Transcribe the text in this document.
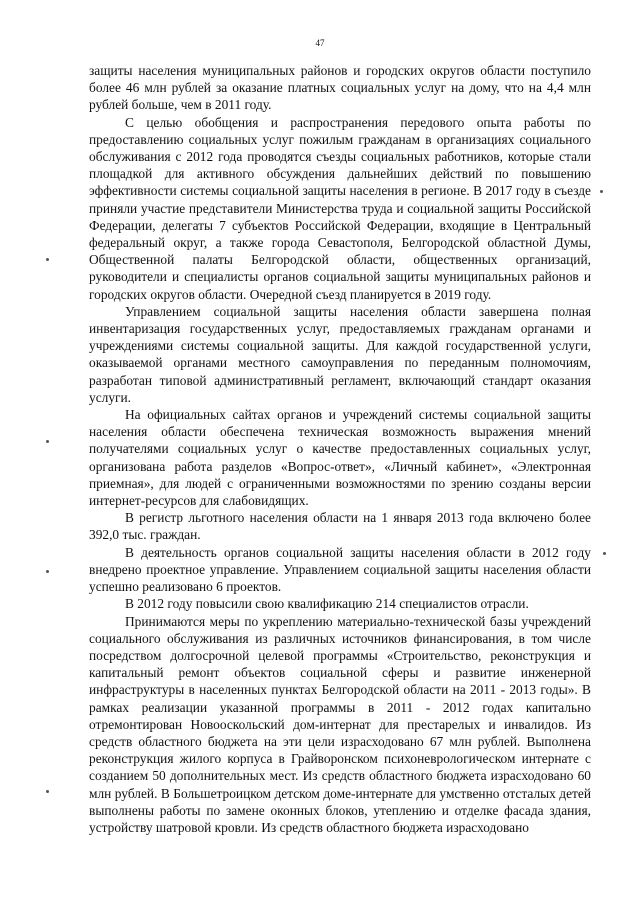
47

защиты населения муниципальных районов и городских округов области поступило более 46 млн рублей за оказание платных социальных услуг на дому, что на 4,4 млн рублей больше, чем в 2011 году.

С целью обобщения и распространения передового опыта работы по предоставлению социальных услуг пожилым гражданам в организациях социального обслуживания с 2012 года проводятся съезды социальных работников, которые стали площадкой для активного обсуждения дальнейших действий по повышению эффективности системы социальной защиты населения в регионе. В 2017 году в съезде приняли участие представители Министерства труда и социальной защиты Российской Федерации, делегаты 7 субъектов Российской Федерации, входящие в Центральный федеральный округ, а также города Севастополя, Белгородской областной Думы, Общественной палаты Белгородской области, общественных организаций, руководители и специалисты органов социальной защиты муниципальных районов и городских округов области. Очередной съезд планируется в 2019 году.

Управлением социальной защиты населения области завершена полная инвентаризация государственных услуг, предоставляемых гражданам органами и учреждениями системы социальной защиты. Для каждой государственной услуги, оказываемой органами местного самоуправления по переданным полномочиям, разработан типовой административный регламент, включающий стандарт оказания услуги.

На официальных сайтах органов и учреждений системы социальной защиты населения области обеспечена техническая возможность выражения мнений получателями социальных услуг о качестве предоставленных социальных услуг, организована работа разделов «Вопрос-ответ», «Личный кабинет», «Электронная приемная», для людей с ограниченными возможностями по зрению созданы версии интернет-ресурсов для слабовидящих.

В регистр льготного населения области на 1 января 2013 года включено более 392,0 тыс. граждан.

В деятельность органов социальной защиты населения области в 2012 году внедрено проектное управление. Управлением социальной защиты населения области успешно реализовано 6 проектов.

В 2012 году повысили свою квалификацию 214 специалистов отрасли.

Принимаются меры по укреплению материально-технической базы учреждений социального обслуживания из различных источников финансирования, в том числе посредством долгосрочной целевой программы «Строительство, реконструкция и капитальный ремонт объектов социальной сферы и развитие инженерной инфраструктуры в населенных пунктах Белгородской области на 2011 - 2013 годы». В рамках реализации указанной программы в 2011 - 2012 годах капитально отремонтирован Новооскольский дом-интернат для престарелых и инвалидов. Из средств областного бюджета на эти цели израсходовано 67 млн рублей. Выполнена реконструкция жилого корпуса в Грайворонском психоневрологическом интернате с созданием 50 дополнительных мест. Из средств областного бюджета израсходовано 60 млн рублей. В Большетроицком детском доме-интернате для умственно отсталых детей выполнены работы по замене оконных блоков, утеплению и отделке фасада здания, устройству шатровой кровли. Из средств областного бюджета израсходовано
